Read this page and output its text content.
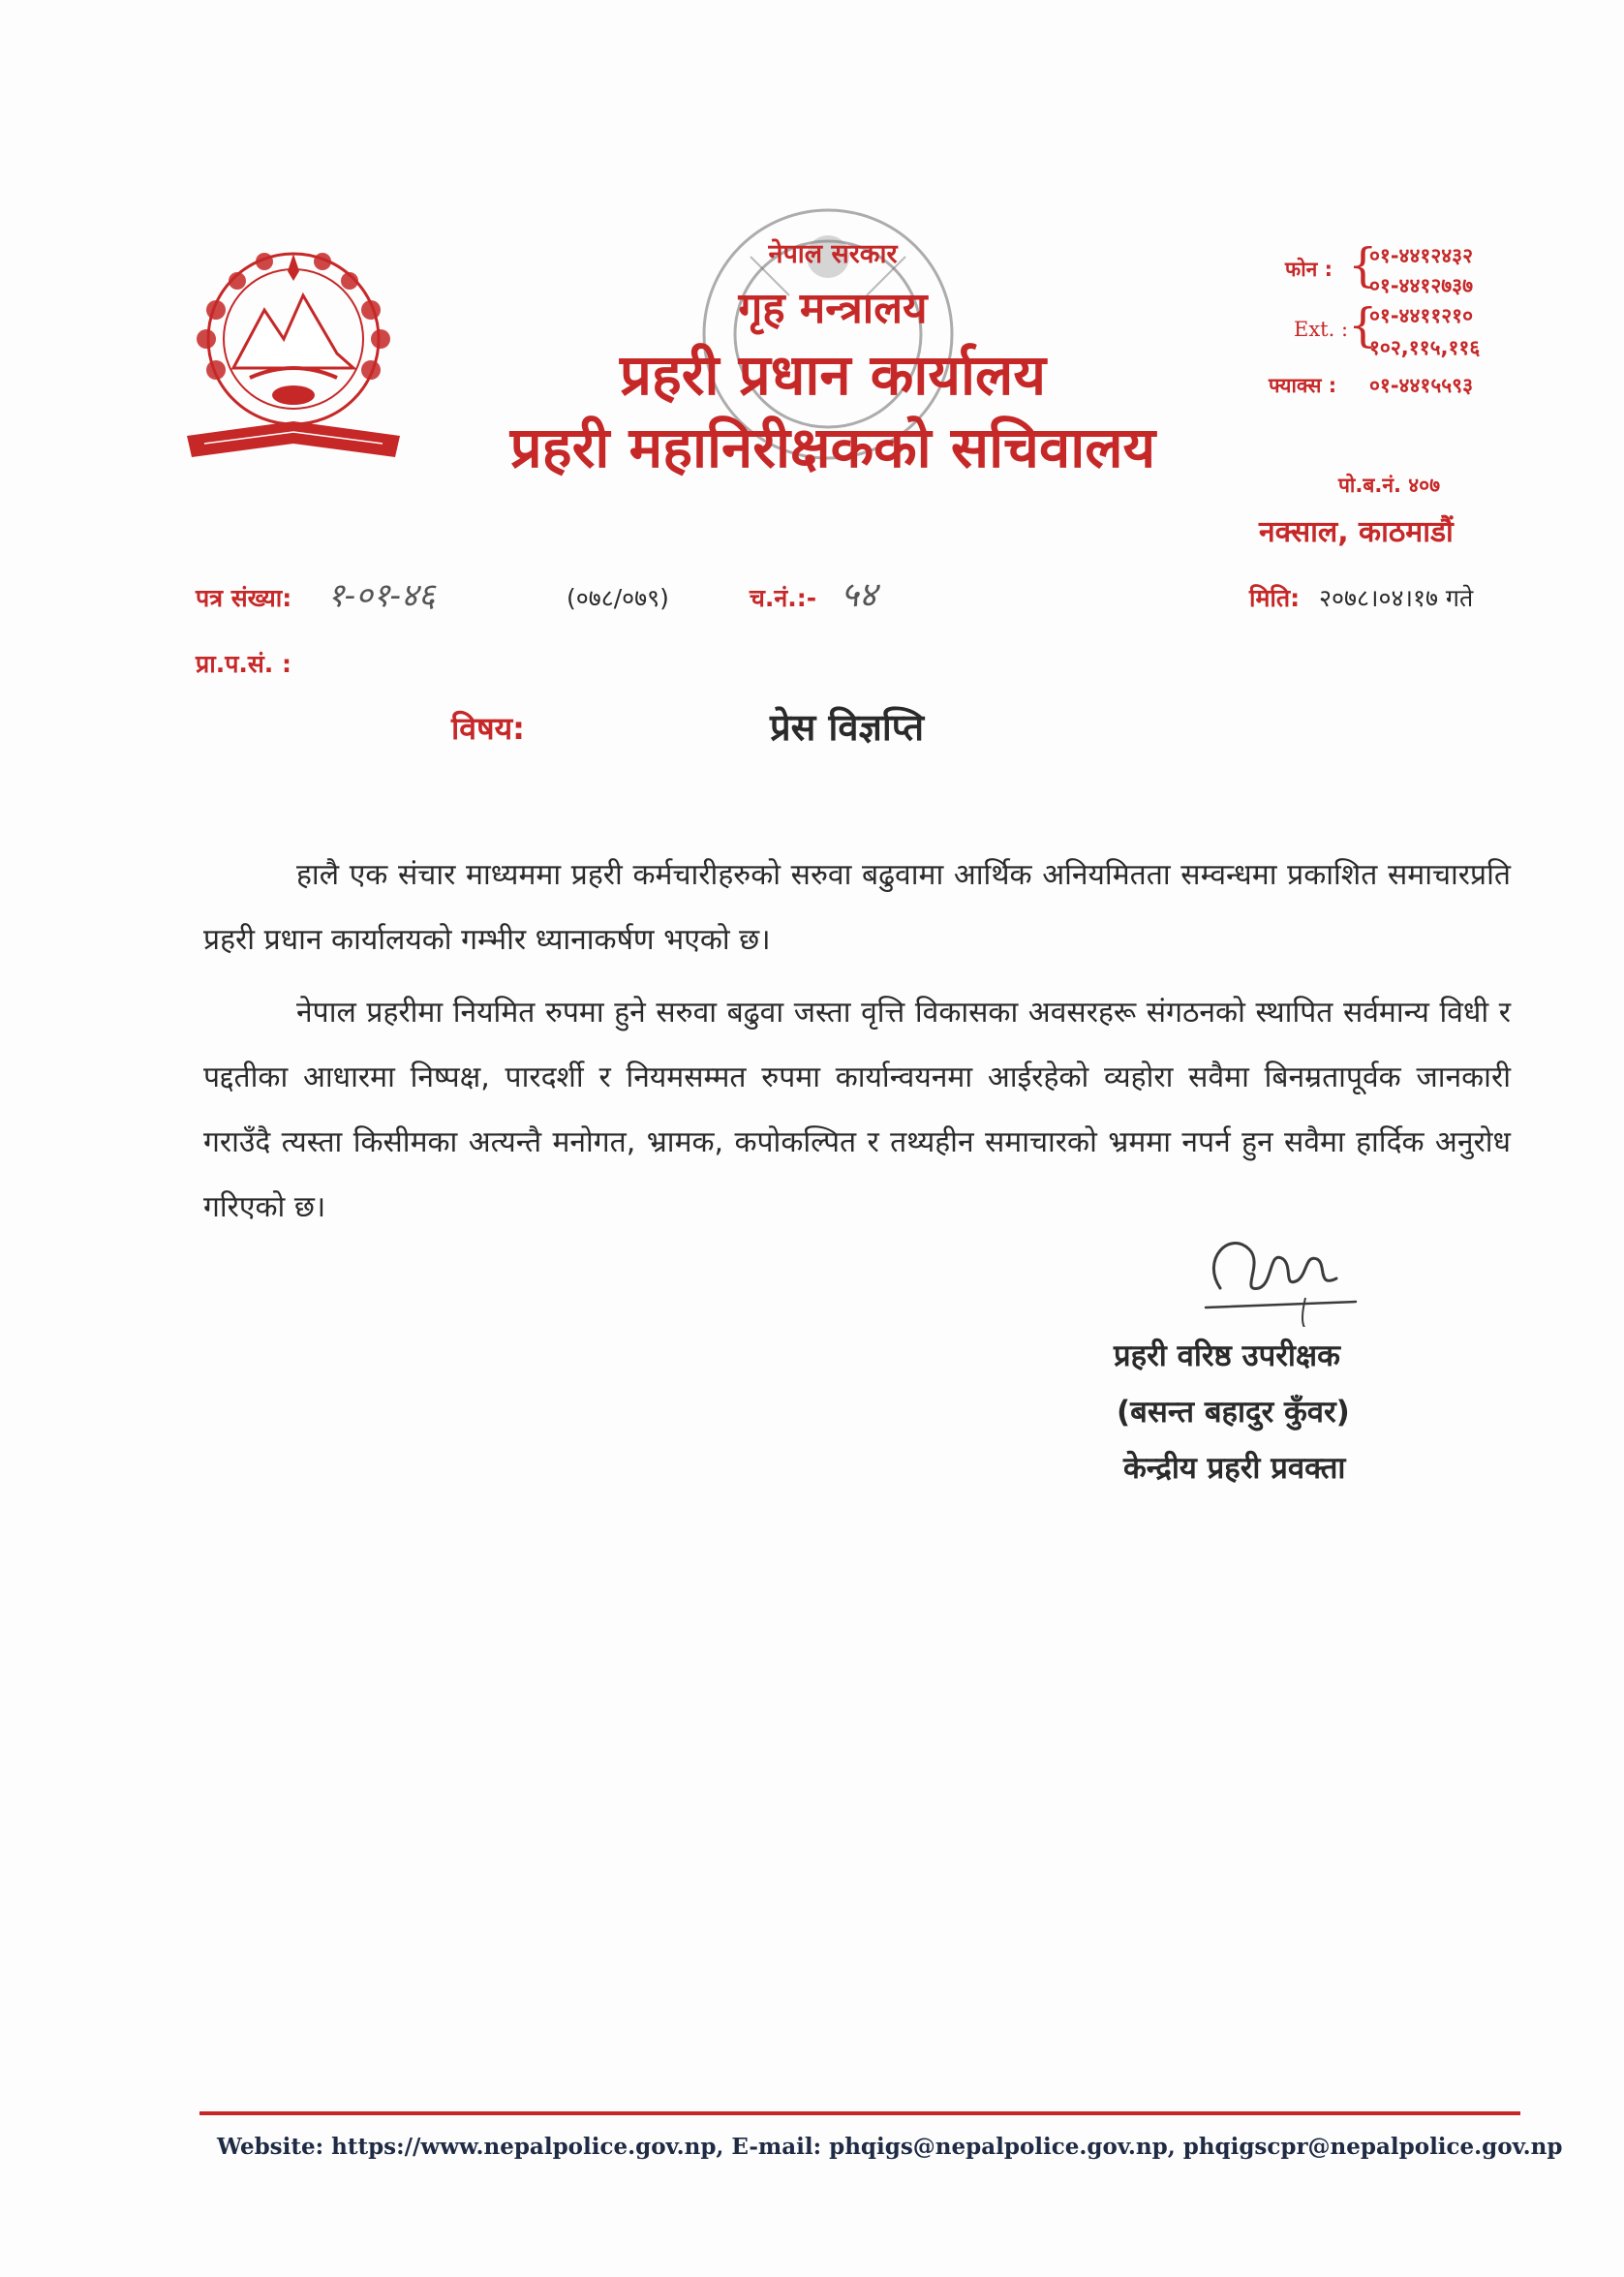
नेपाल सरकार
गृह मन्त्रालय
प्रहरी प्रधान कार्यालय
प्रहरी महानिरीक्षकको सचिवालय
फोन : {
०१-४४१२४३२
०१-४४१२७३७
Ext. : {
०१-४४११२१०
१०२,११५,११६
फ्याक्स : ०१-४४१५५९३
पो.ब.नं. ४०७
नक्साल, काठमाडौं
पत्र संख्या: १-०१-४६	(०७८/०७९)	च.नं.:- ५४	मिति: २०७८।०४।१७ गते
प्रा.प.सं. :
विषय:	प्रेस विज्ञप्ति
हालै एक संचार माध्यममा प्रहरी कर्मचारीहरुको सरुवा बढुवामा आर्थिक अनियमितता सम्वन्धमा प्रकाशित समाचारप्रति प्रहरी प्रधान कार्यालयको गम्भीर ध्यानाकर्षण भएको छ।
नेपाल प्रहरीमा नियमित रुपमा हुने सरुवा बढुवा जस्ता वृत्ति विकासका अवसरहरू संगठनको स्थापित सर्वमान्य विधी र पद्दतीका आधारमा निष्पक्ष, पारदर्शी र नियमसम्मत रुपमा कार्यान्वयनमा आईरहेको व्यहोरा सवैमा बिनम्रतापूर्वक जानकारी गराउँदै त्यस्ता किसीमका अत्यन्तै मनोगत, भ्रामक, कपोकल्पित र तथ्यहीन समाचारको भ्रममा नपर्न हुन सवैमा हार्दिक अनुरोध गरिएको छ।
प्रहरी वरिष्ठ उपरीक्षक
(बसन्त बहादुर कुँवर)
केन्द्रीय प्रहरी प्रवक्ता
Website: https://www.nepalpolice.gov.np, E-mail: phqigs@nepalpolice.gov.np, phqigscpr@nepalpolice.gov.np
